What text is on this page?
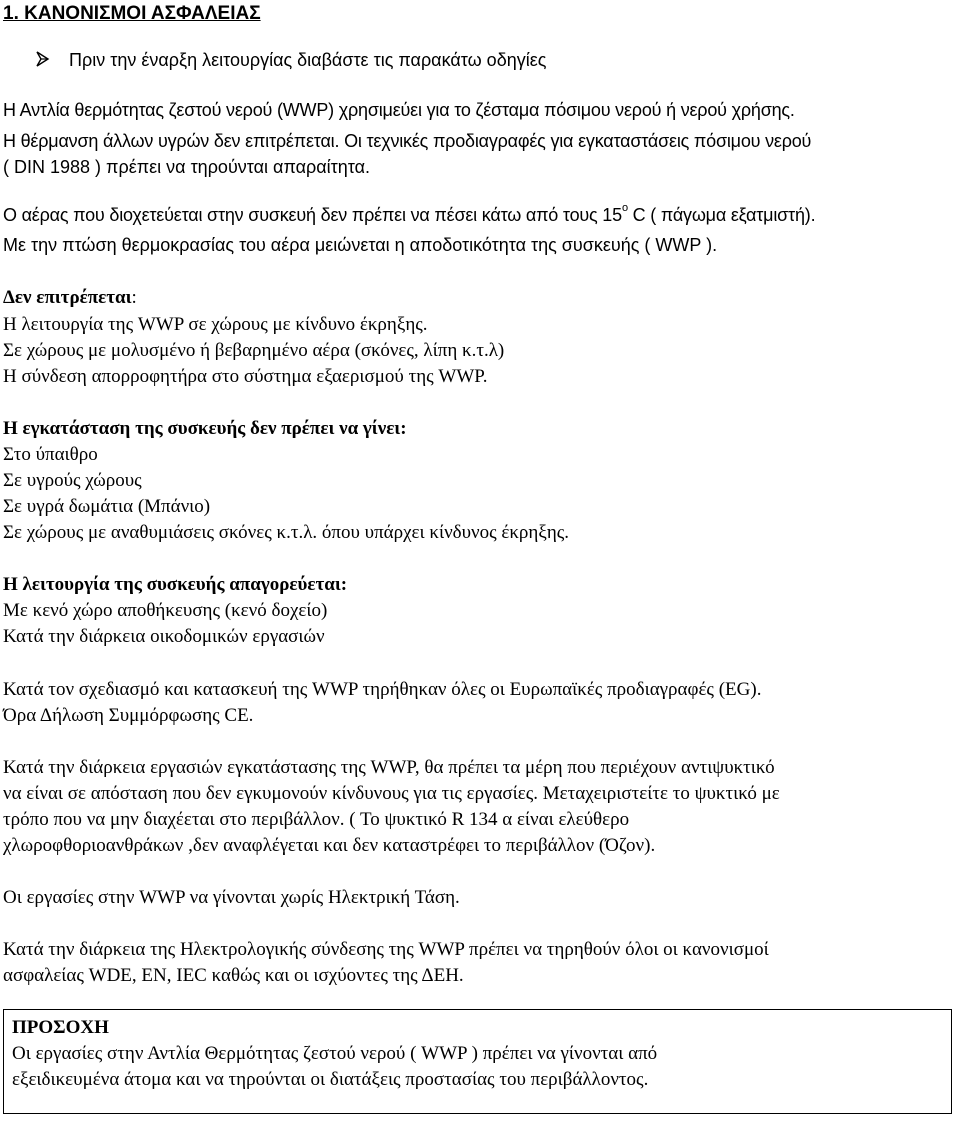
1. ΚΑΝΟΝΙΣΜΟΙ ΑΣΦΑΛΕΙΑΣ
Πριν την έναρξη λειτουργίας διαβάστε τις παρακάτω οδηγίες
Η Αντλία θερμότητας ζεστού νερού (WWP) χρησιμεύει για το ζέσταμα πόσιμου νερού ή νερού χρήσης.
Η θέρμανση άλλων υγρών δεν επιτρέπεται. Οι τεχνικές προδιαγραφές για εγκαταστάσεις πόσιμου νερού
( DIN 1988 ) πρέπει να τηρούνται απαραίτητα.
Ο αέρας που διοχετεύεται στην συσκευή δεν πρέπει να πέσει κάτω από τους $15^o$ C ( πάγωμα εξατμιστή).
Με την πτώση θερμοκρασίας του αέρα μειώνεται η αποδοτικότητα της συσκευής ( WWP ).
Δεν επιτρέπεται:
Η λειτουργία της WWP σε χώρους με κίνδυνο έκρηξης.
Σε χώρους με μολυσμένο ή βεβαρημένο αέρα (σκόνες, λίπη κ.τ.λ)
Η σύνδεση απορροφητήρα στο σύστημα εξαερισμού της WWP.
Η εγκατάσταση της συσκευής δεν πρέπει να γίνει:
Στο ύπαιθρο
Σε υγρούς χώρους
Σε υγρά δωμάτια (Μπάνιο)
Σε χώρους με αναθυμιάσεις σκόνες κ.τ.λ. όπου υπάρχει κίνδυνος έκρηξης.
Η λειτουργία της συσκευής απαγορεύεται:
Με κενό χώρο αποθήκευσης (κενό δοχείο)
Κατά την διάρκεια οικοδομικών εργασιών
Κατά τον σχεδιασμό και κατασκευή της WWP τηρήθηκαν όλες οι Ευρωπαϊκές προδιαγραφές (EG).
Όρα Δήλωση Συμμόρφωσης CE.
Κατά την διάρκεια εργασιών εγκατάστασης της WWP, θα πρέπει τα μέρη που περιέχουν αντιψυκτικό
να είναι σε απόσταση που δεν εγκυμονούν κίνδυνους για τις εργασίες. Μεταχειριστείτε το ψυκτικό με
τρόπο που να μην διαχέεται στο περιβάλλον. ( Το ψυκτικό R 134 α είναι ελεύθερο
χλωροφθοριοανθράκων ,δεν αναφλέγεται και δεν καταστρέφει το περιβάλλον (Όζον).
Οι εργασίες στην WWP να γίνονται χωρίς Ηλεκτρική Τάση.
Κατά την διάρκεια της Ηλεκτρολογικής σύνδεσης της WWP πρέπει να τηρηθούν όλοι οι κανονισμοί
ασφαλείας WDE, EN, IEC καθώς και οι ισχύοντες της ΔΕΗ.
ΠΡΟΣΟΧΗ
Οι εργασίες στην Αντλία Θερμότητας ζεστού νερού ( WWP ) πρέπει να γίνονται από
εξειδικευμένα άτομα και να τηρούνται οι διατάξεις προστασίας του περιβάλλοντος.
